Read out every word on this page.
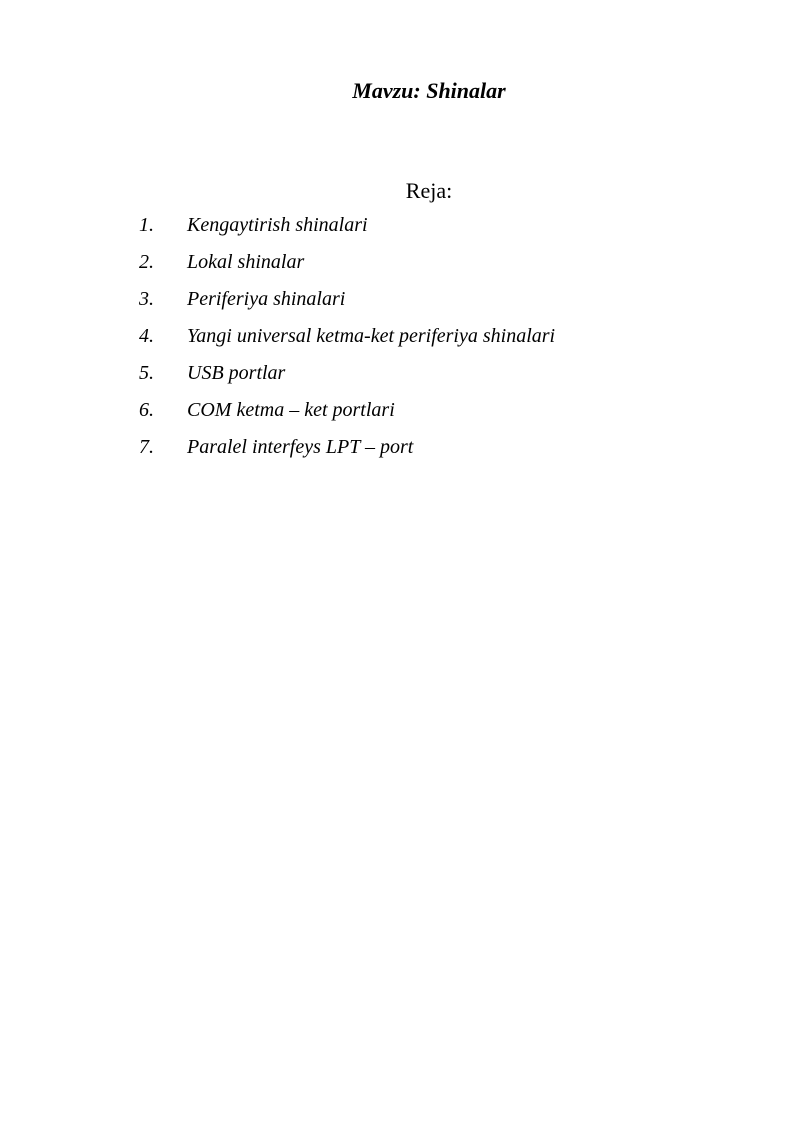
Mavzu: Shinalar
Reja:
1.	Kengaytirish shinalari
2.	Lokal shinalar
3.	Periferiya shinalari
4.	Yangi universal ketma-ket periferiya shinalari
5.	USB portlar
6.	COM ketma – ket portlari
7.	Paralel interfeys LPT – port
